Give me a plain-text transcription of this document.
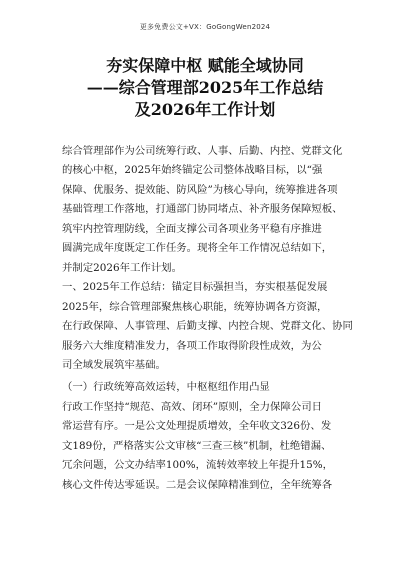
更多免费公文+VX：GoGongWen2024
夯实保障中枢 赋能全域协同
——综合管理部2025年工作总结
及2026年工作计划
综合管理部作为公司统筹行政、人事、后勤、内控、党群文化
的核心中枢，2025年始终锚定公司整体战略目标，以“强
保障、优服务、提效能、防风险”为核心导向，统筹推进各项
基础管理工作落地，打通部门协同堵点、补齐服务保障短板、
筑牢内控管理防线，全面支撑公司各项业务平稳有序推进
圆满完成年度既定工作任务。现将全年工作情况总结如下，
并制定2026年工作计划。
一、2025年工作总结：锚定目标强担当，夯实根基促发展
2025年，综合管理部聚焦核心职能，统筹协调各方资源，
在行政保障、人事管理、后勤支撑、内控合规、党群文化、协同
服务六大维度精准发力，各项工作取得阶段性成效，为公
司全域发展筑牢基础。
（一）行政统筹高效运转，中枢枢纽作用凸显
行政工作坚持“规范、高效、闭环”原则，全力保障公司日
常运营有序。一是公文处理提质增效，全年收文326份、发
文189份，严格落实公文审核“三查三核”机制，杜绝错漏、
冗余问题，公文办结率100%，流转效率较上年提升15%，
核心文件传达零延误。二是会议保障精准到位，全年统筹各
